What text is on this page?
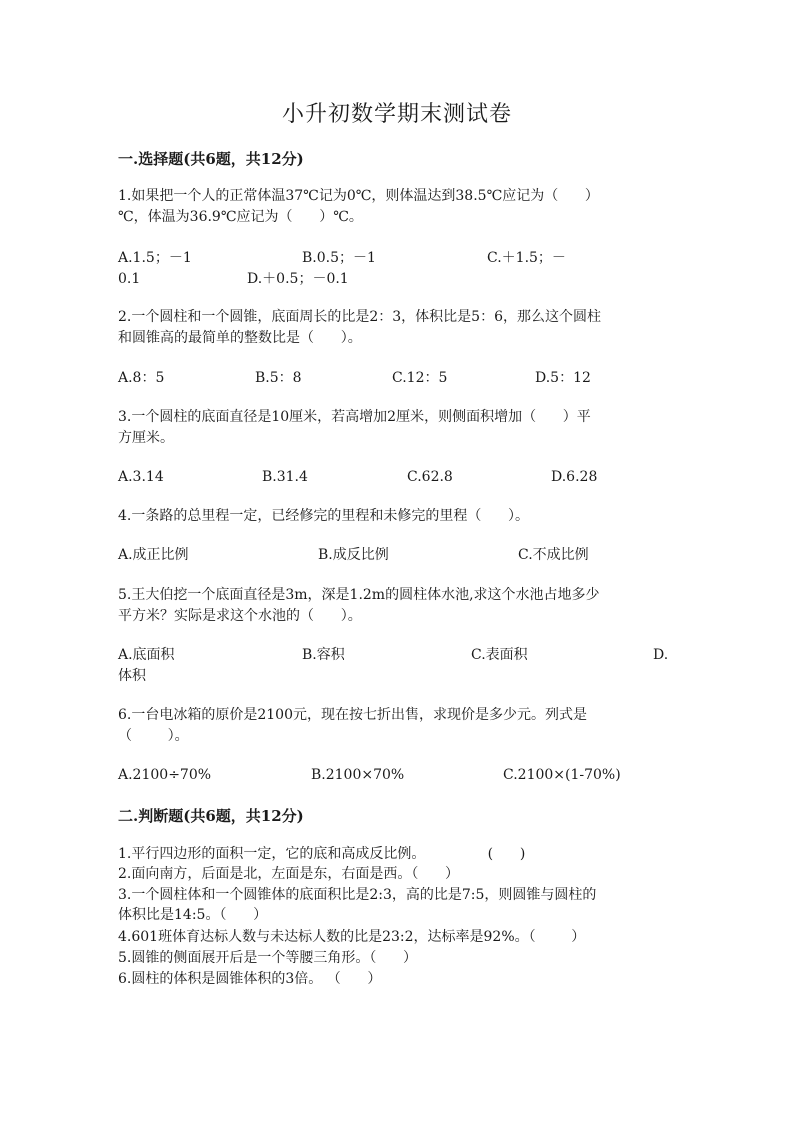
小升初数学期末测试卷
一.选择题(共6题，共12分)
1.如果把一个人的正常体温37℃记为0℃，则体温达到38.5℃应记为（      ）
℃，体温为36.9℃应记为（      ）℃。
A.1.5；－1	B.0.5；－1	C.＋1.5；－
0.1	D.＋0.5；－0.1
2.一个圆柱和一个圆锥，底面周长的比是2：3，体积比是5：6，那么这个圆柱
和圆锥高的最简单的整数比是（      ）。
A.8：5	B.5：8	C.12：5	D.5：12
3.一个圆柱的底面直径是10厘米，若高增加2厘米，则侧面积增加（      ）平
方厘米。
A.3.14	B.31.4	C.62.8	D.6.28
4.一条路的总里程一定，已经修完的里程和未修完的里程（      ）。
A.成正比例	B.成反比例	C.不成比例
5.王大伯挖一个底面直径是3m，深是1.2m的圆柱体水池,求这个水池占地多少
平方米？实际是求这个水池的（      ）。
A.底面积	B.容积	C.表面积	D.
体积
6.一台电冰箱的原价是2100元，现在按七折出售，求现价是多少元。列式是
（        ）。
A.2100÷70%	B.2100×70%	C.2100×(1-70%)
二.判断题(共6题，共12分)
1.平行四边形的面积一定，它的底和高成反比例。              (      )
2.面向南方，后面是北，左面是东，右面是西。（      ）
3.一个圆柱体和一个圆锥体的底面积比是2:3，高的比是7:5，则圆锥与圆柱的
体积比是14:5。（      ）
4.601班体育达标人数与未达标人数的比是23:2，达标率是92%。（        ）
5.圆锥的侧面展开后是一个等腰三角形。（      ）
6.圆柱的体积是圆锥体积的3倍。 （      ）
